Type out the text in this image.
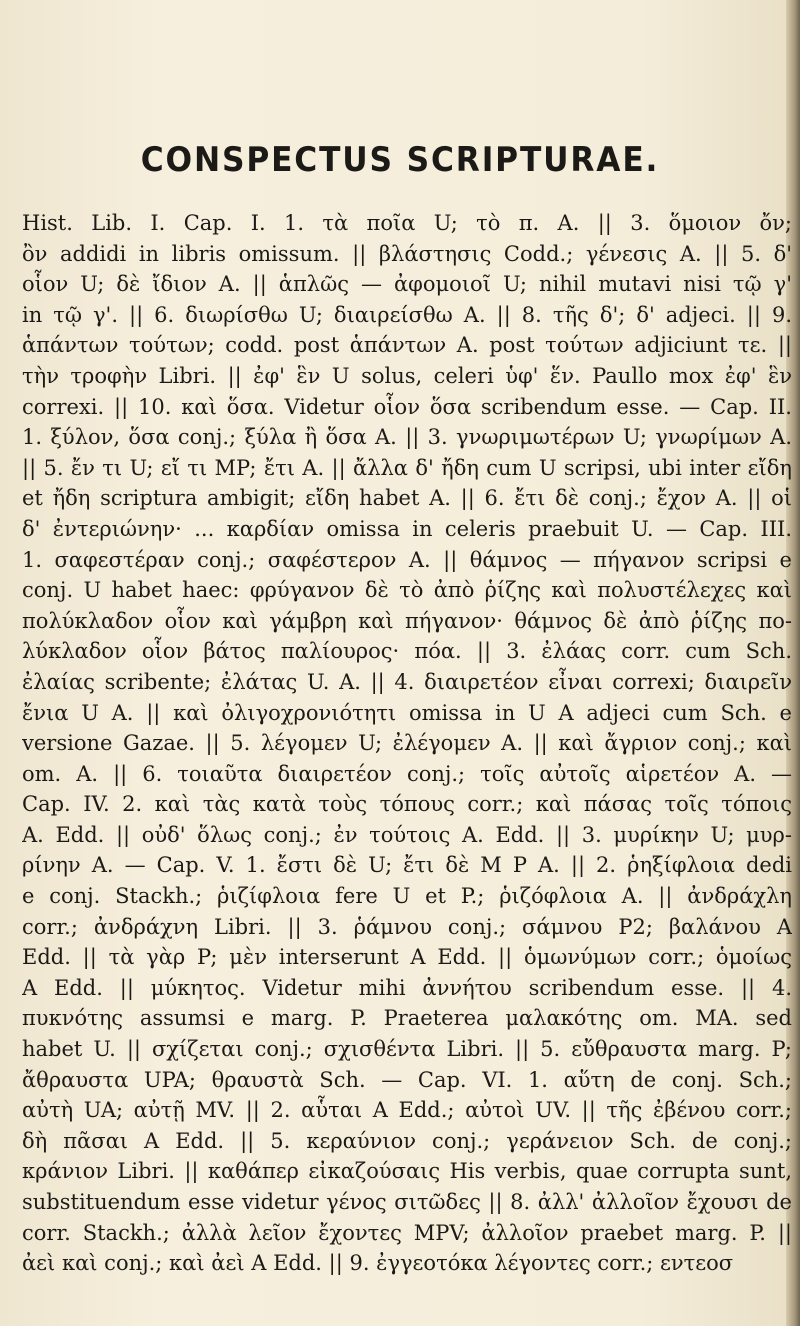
CONSPECTUS SCRIPTURAE.
Hist. Lib. I. Cap. I. 1. τὰ ποῖα U; τὸ π. A. || 3. ὅμοιον ὄν;
ὂν addidi in libris omissum. || βλάστησις Codd.; γένεσις A. || 5. δ'
οἷον U; δὲ ἴδιον A. || ἁπλῶς — ἀφομοιοῖ U; nihil mutavi nisi τῷ γ'
in τῷ γ'. || 6. διωρίσθω U; διαιρείσθω A. || 8. τῆς δ'; δ' adjeci. || 9.
ἁπάντων τούτων; codd. post ἁπάντων A. post τούτων adjiciunt τε. ||
τὴν τροφὴν Libri. || ἐφ' ἓν U solus, celeri ὑφ' ἕν. Paullo mox ἐφ' ἓν
correxi. || 10. καὶ ὅσα. Videtur οἷον ὅσα scribendum esse. — Cap. II.
1. ξύλον, ὅσα conj.; ξύλα ἢ ὅσα A. || 3. γνωριμωτέρων U; γνωρίμων A.
|| 5. ἔν τι U; εἴ τι MP; ἔτι A. || ἄλλα δ' ἤδη cum U scripsi, ubi inter εἴδη
et ἤδη scriptura ambigit; εἴδη habet A. || 6. ἔτι δὲ conj.; ἔχον A. || οἱ
δ' ἐντεριώνην· ... καρδίαν omissa in celeris praebuit U. — Cap. III.
1. σαφεστέραν conj.; σαφέστερον A. || θάμνος — πήγανον scripsi e
conj. U habet haec: φρύγανον δὲ τὸ ἀπὸ ῥίζης καὶ πολυστέλεχες καὶ
πολύκλαδον οἷον καὶ γάμβρη καὶ πήγανον· θάμνος δὲ ἀπὸ ῥίζης πο-
λύκλαδον οἷον βάτος παλίουρος· πόα. || 3. ἐλάας corr. cum Sch.
ἐλαίας scribente; ἐλάτας U. A. || 4. διαιρετέον εἶναι correxi; διαιρεῖν
ἔνια U A. || καὶ ὀλιγοχρονιότητι omissa in U A adjeci cum Sch. e
versione Gazae. || 5. λέγομεν U; ἐλέγομεν A. || καὶ ἄγριον conj.; καὶ
om. A. || 6. τοιαῦτα διαιρετέον conj.; τοῖς αὐτοῖς αἱρετέον A. —
Cap. IV. 2. καὶ τὰς κατὰ τοὺς τόπους corr.; καὶ πάσας τοῖς τόποις
A. Edd. || οὐδ' ὅλως conj.; ἐν τούτοις A. Edd. || 3. μυρίκην U; μυρ-
ρίνην A. — Cap. V. 1. ἔστι δὲ U; ἔτι δὲ M P A. || 2. ῥηξίφλοια dedi
e conj. Stackh.; ῥιζίφλοια fere U et P.; ῥιζόφλοια A. || ἀνδράχλη
corr.; ἀνδράχνη Libri. || 3. ῥάμνου conj.; σάμνου P2; βαλάνου A
Edd. || τὰ γὰρ P; μὲν interserunt A Edd. || ὁμωνύμων corr.; ὁμοίως
A Edd. || μύκητος. Videtur mihi ἀννήτου scribendum esse. || 4.
πυκνότης assumsi e marg. P. Praeterea μαλακότης om. MA. sed
habet U. || σχίζεται conj.; σχισθέντα Libri. || 5. εὔθραυστα marg. P;
ἄθραυστα UPA; θραυστὰ Sch. — Cap. VI. 1. αὕτη de conj. Sch.;
αὐτὴ UA; αὐτῇ MV. || 2. αὗται A Edd.; αὐτοὶ UV. || τῆς ἐβένου corr.;
δὴ πᾶσαι A Edd. || 5. κεραύνιον conj.; γεράνειον Sch. de conj.;
κράνιον Libri. || καθάπερ εἰκαζούσαις His verbis, quae corrupta sunt,
substituendum esse videtur γένος σιτῶδες || 8. ἀλλ' ἀλλοῖον ἔχουσι de
corr. Stackh.; ἀλλὰ λεῖον ἔχοντες MPV; ἀλλοῖον praebet marg. P. ||
ἀεὶ καὶ conj.; καὶ ἀεὶ A Edd. || 9. ἐγγεοτόκα λέγοντες corr.; εντεοσ
